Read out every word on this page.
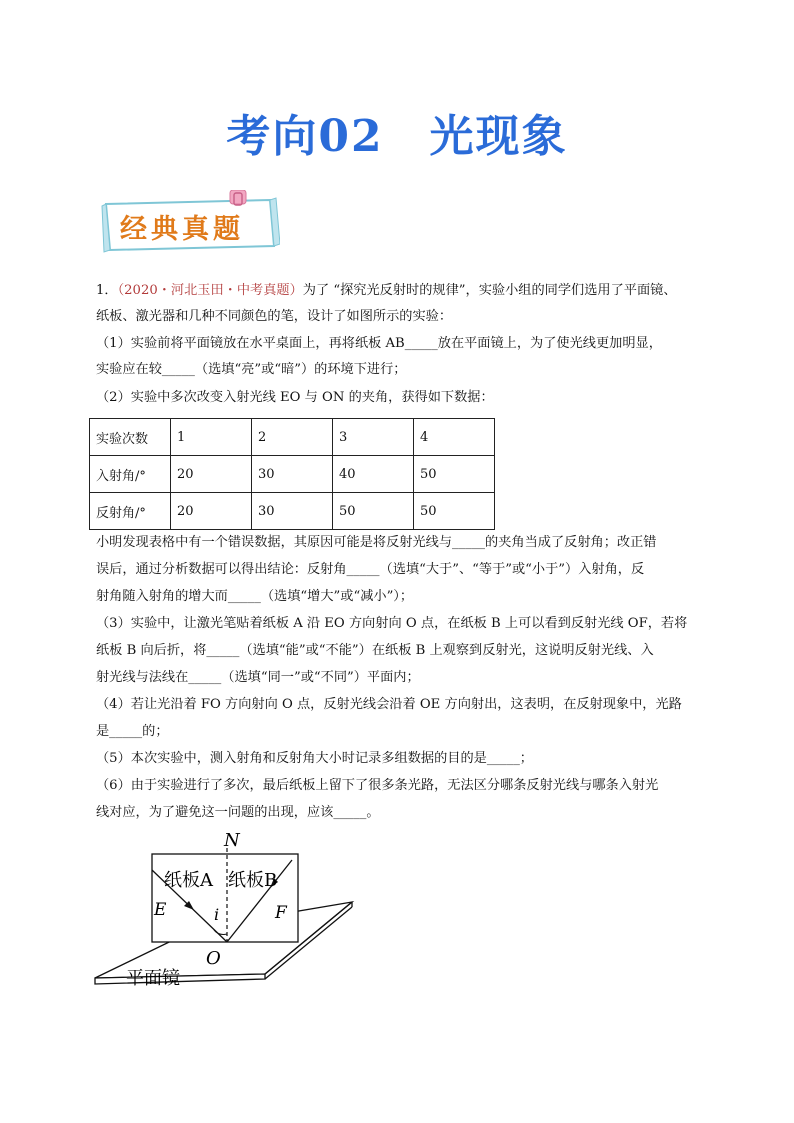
考向02 光现象
经典真题
1．（2020・河北玉田・中考真题）为了 “探究光反射时的规律”，实验小组的同学们选用了平面镜、
纸板、激光器和几种不同颜色的笔，设计了如图所示的实验：
（1）实验前将平面镜放在水平桌面上，再将纸板 AB_____放在平面镜上，为了使光线更加明显，
实验应在较_____（选填“亮”或“暗”）的环境下进行；
（2）实验中多次改变入射光线 EO 与 ON 的夹角，获得如下数据：
实验次数	1	2	3	4
入射角/°	20	30	40	50
反射角/°	20	30	50	50
小明发现表格中有一个错误数据，其原因可能是将反射光线与_____的夹角当成了反射角；改正错
误后，通过分析数据可以得出结论：反射角_____（选填“大于”、“等于”或“小于”）入射角，反
射角随入射角的增大而_____（选填“增大”或“减小”）；
（3）实验中，让激光笔贴着纸板 A 沿 EO 方向射向 O 点，在纸板 B 上可以看到反射光线 OF，若将
纸板 B 向后折，将_____（选填“能”或“不能”）在纸板 B 上观察到反射光，这说明反射光线、入
射光线与法线在_____（选填“同一”或“不同”）平面内；
（4）若让光沿着 FO 方向射向 O 点，反射光线会沿着 OE 方向射出，这表明，在反射现象中，光路
是_____的；
（5）本次实验中，测入射角和反射角大小时记录多组数据的目的是_____；
（6）由于实验进行了多次，最后纸板上留下了很多条光路，无法区分哪条反射光线与哪条入射光
线对应，为了避免这一问题的出现，应该_____。
N
纸板A 纸板B
E	F
i
O
平面镜
